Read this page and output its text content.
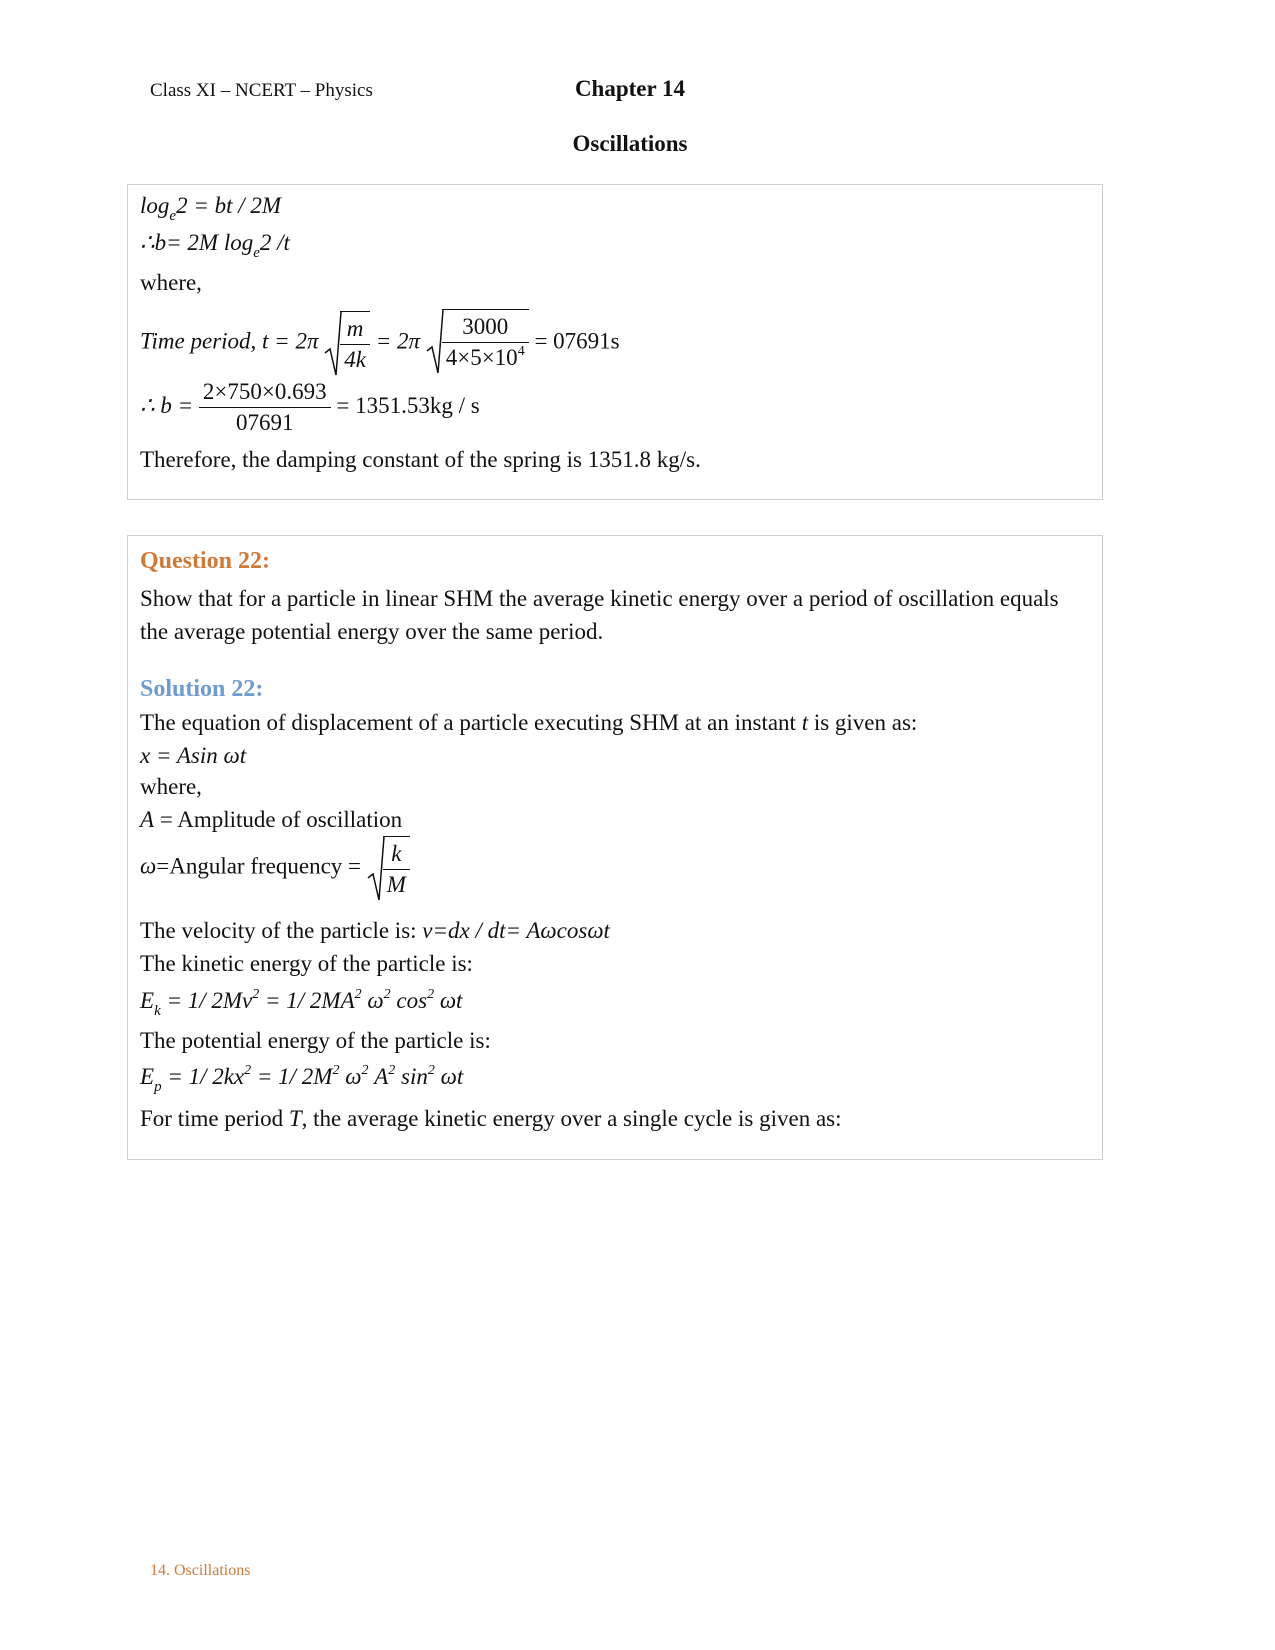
Class XI – NCERT – Physics	Chapter 14
Oscillations
$\log_e2$ = bt / 2M
∴b= 2M $\log_e2$ /t
where,
Time period, $t = 2\pi \frac{m}{4k} = 2\pi \frac{3000}{4\times 5\times 10^4} = 07691s$
∴ $b = \frac{2\times 750\times 0.693}{07691} = 1351.53kg / s$
Therefore, the damping constant of the spring is 1351.8 kg/s.
Question 22:
Show that for a particle in linear SHM the average kinetic energy over a period of oscillation equals the average potential energy over the same period.
Solution 22:
The equation of displacement of a particle executing SHM at an instant t is given as:
x = Asin ωt
where,
A = Amplitude of oscillation
ω=Angular frequency = $\frac{k}{M}$
The velocity of the particle is: v=dx / dt= Aωcosωt
The kinetic energy of the particle is:
$E_k = 1/$ $2Mv^2 = 1/$ $2MA^2$ $\omega^2$ $\cos^2 \omega t$
The potential energy of the particle is:
$E_p = 1/$ $2kx^2 = 1/$ $2M^2$ $\omega^2$ $A^2$ $\sin^2 \omega t$
For time period T, the average kinetic energy over a single cycle is given as:
14. Oscillations
